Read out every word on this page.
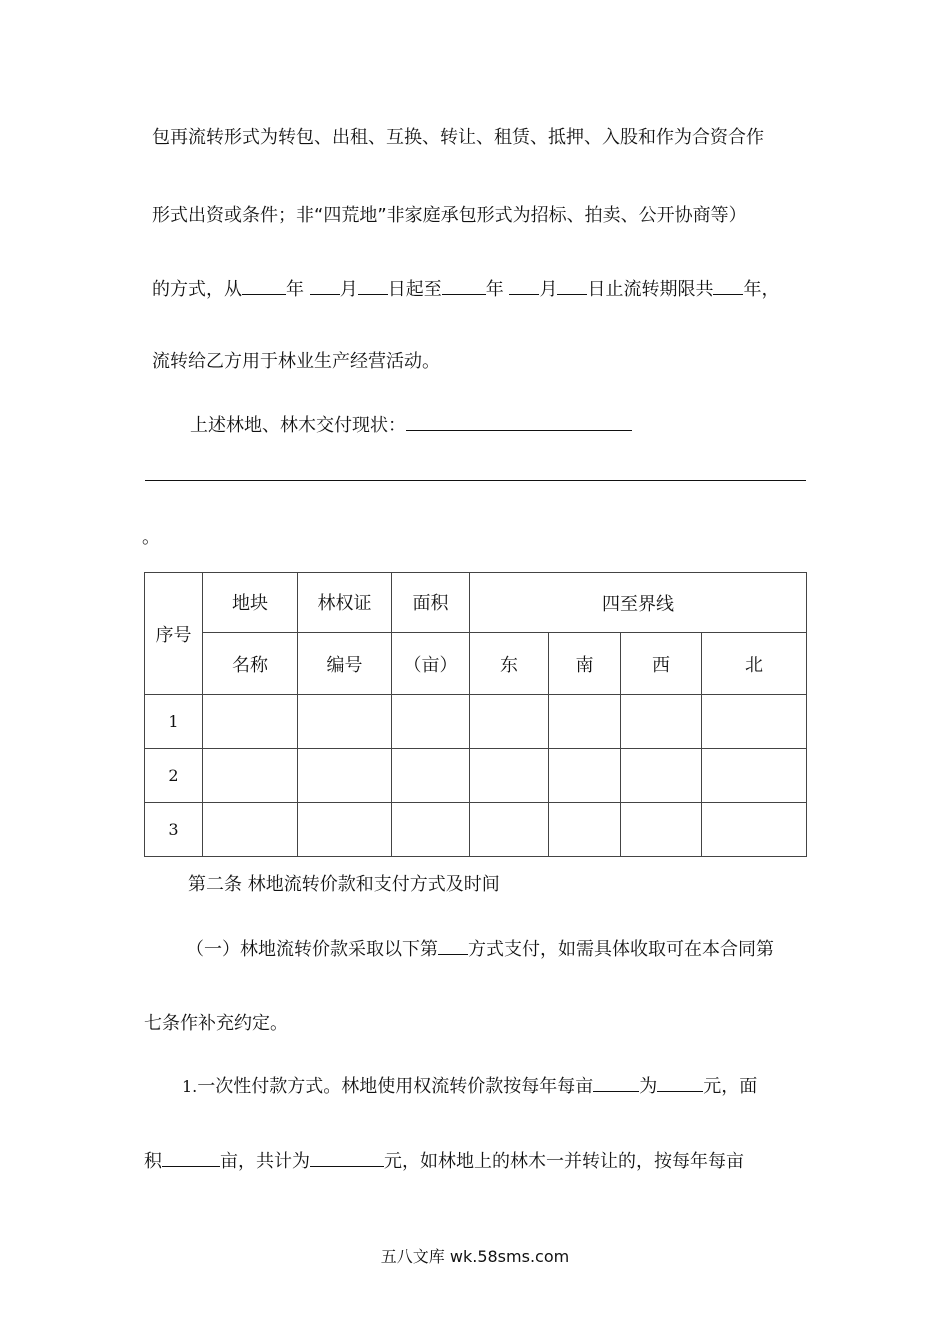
包再流转形式为转包、出租、互换、转让、租赁、抵押、入股和作为合资合作
形式出资或条件；非“四荒地”非家庭承包形式为招标、拍卖、公开协商等）
的方式，从 年 月 日起至 年 月 日止流转期限共 年，
流转给乙方用于林业生产经营活动。
上述林地、林木交付现状：
。
序号	地块	林权证	面积	四至界线			
	名称	编号	（亩）	东	南	西	北
1							
2							
3							
第二条 林地流转价款和支付方式及时间
（一）林地流转价款采取以下第 方式支付，如需具体收取可在本合同第
七条作补充约定。
1.一次性付款方式。林地使用权流转价款按每年每亩	为	元，面
积	亩，共计为	元，如林地上的林木一并转让的，按每年每亩
五八文库 wk.58sms.com
